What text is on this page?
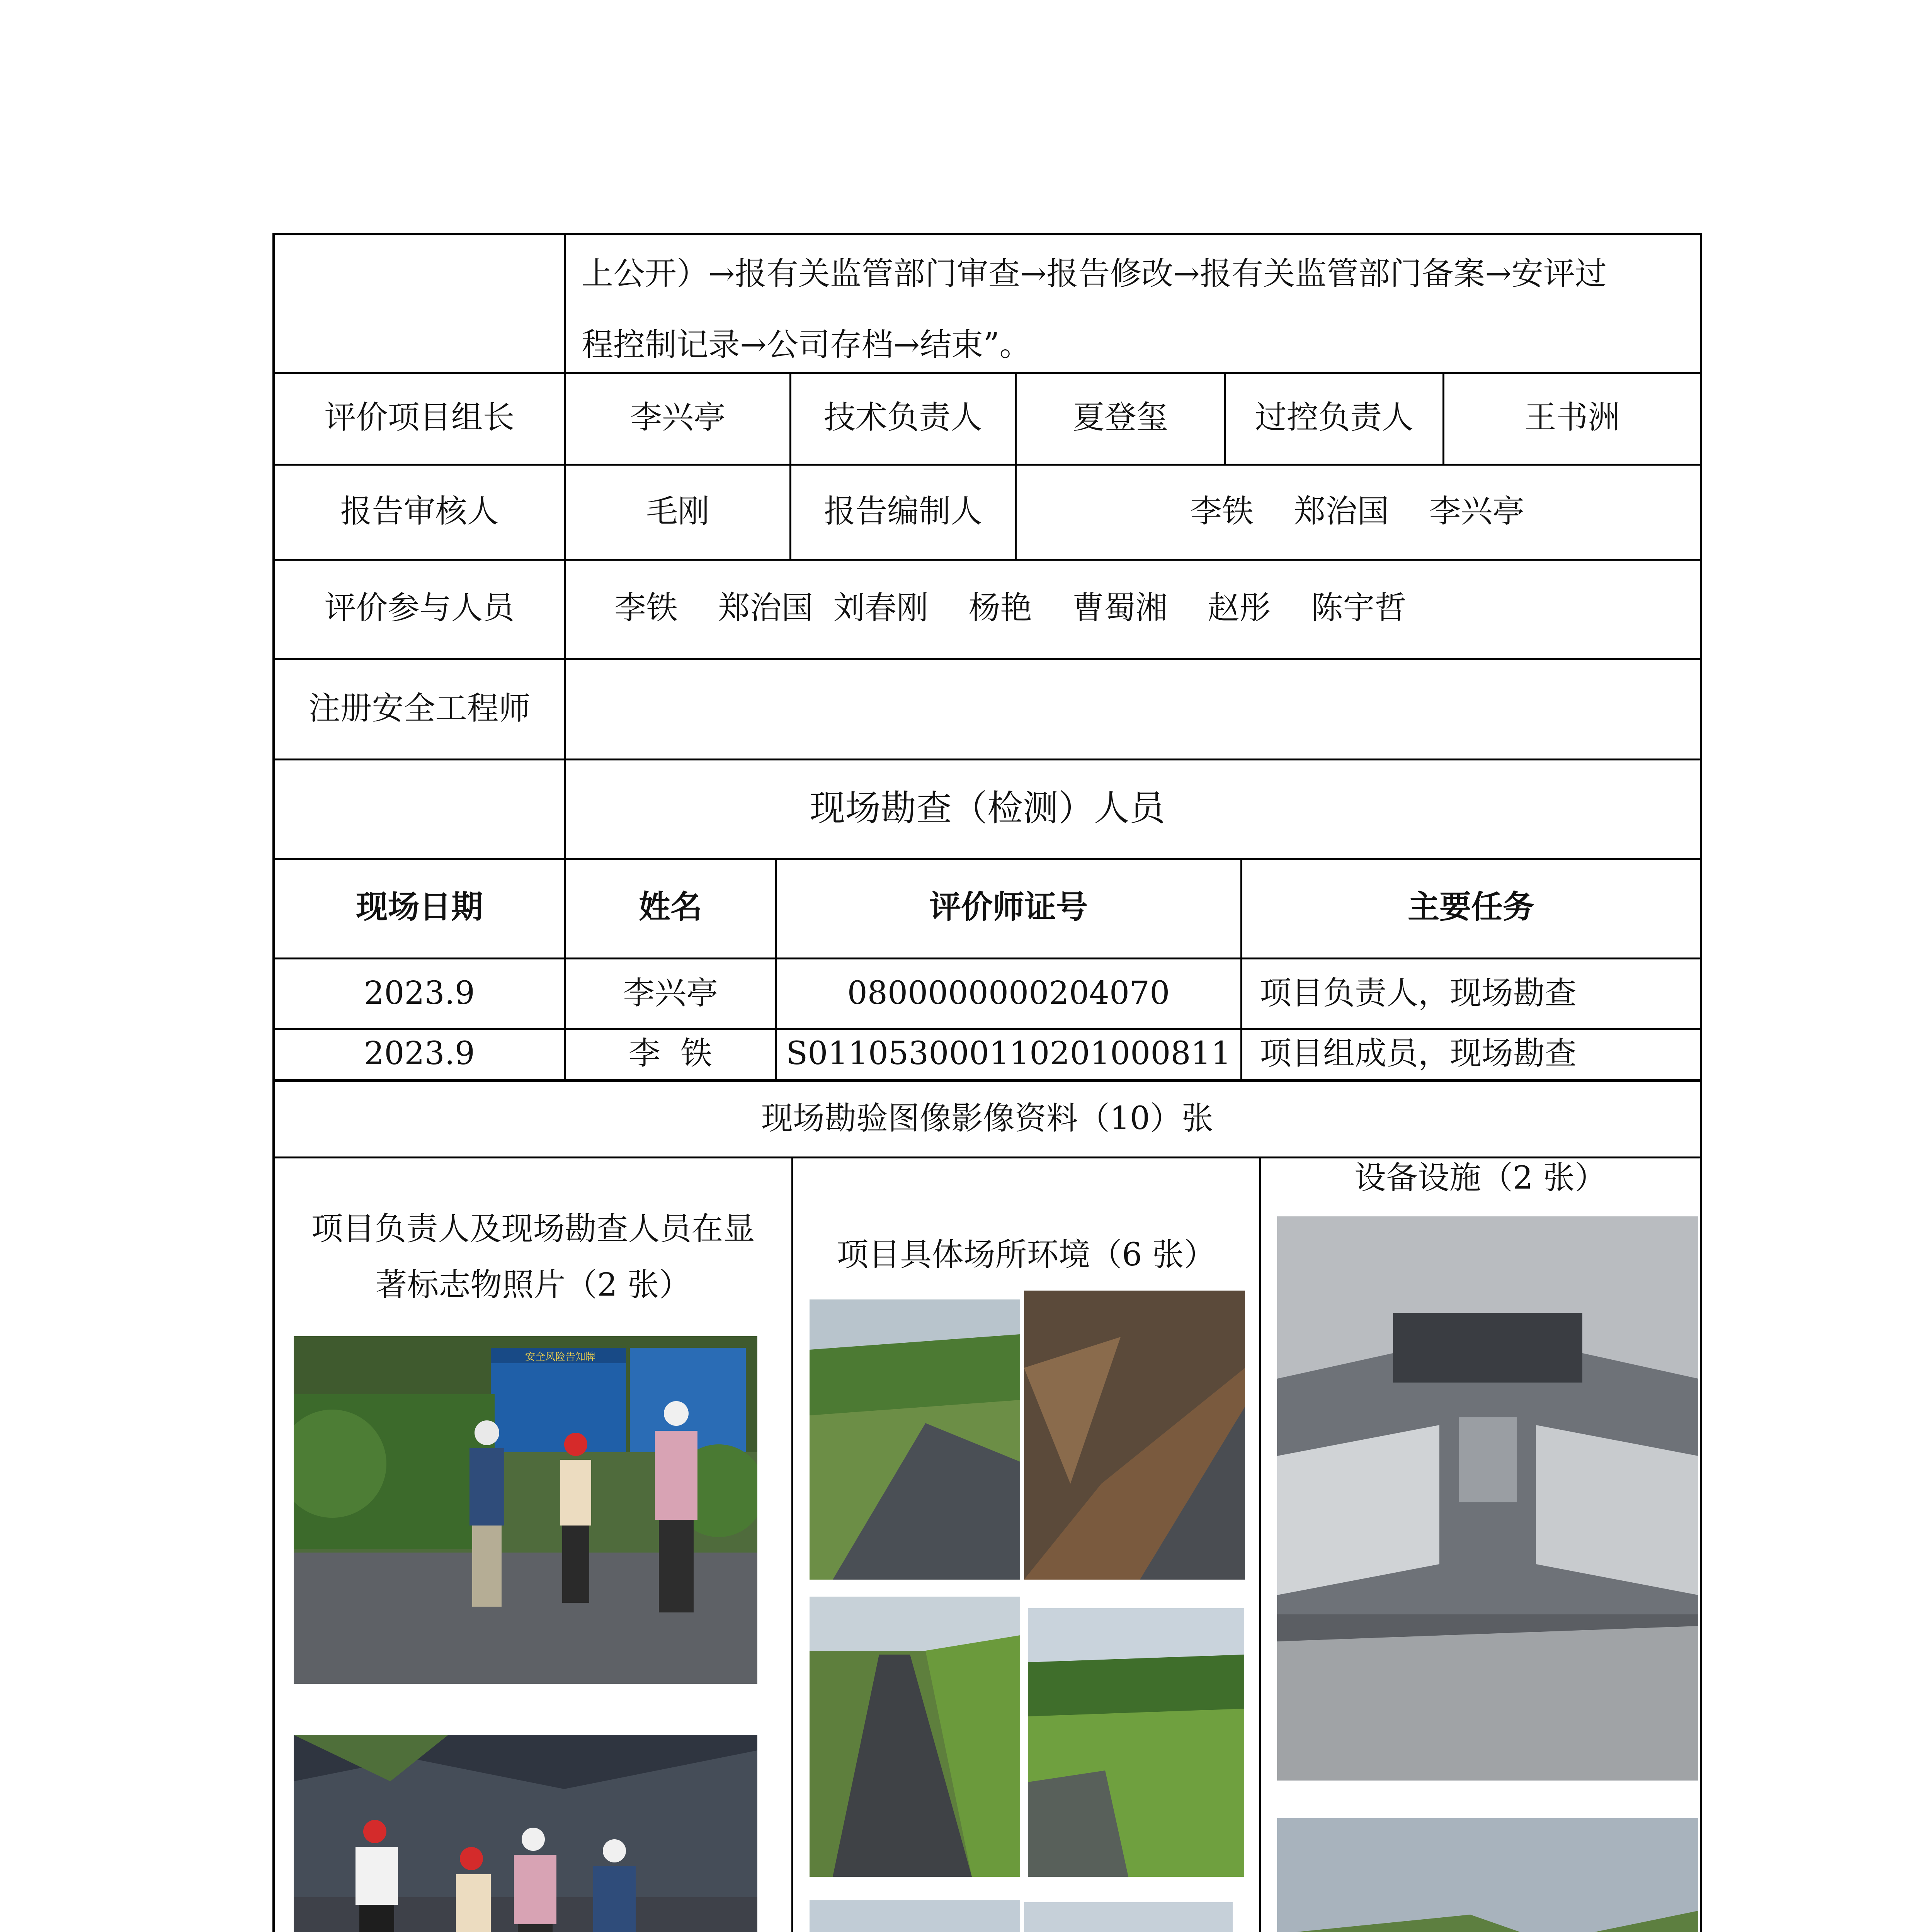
上公开）→报有关监管部门审查→报告修改→报有关监管部门备案→安评过
程控制记录→公司存档→结束”。
评价项目组长	李兴亭	技术负责人	夏登玺	过控负责人	王书洲
报告审核人	毛刚	报告编制人	李铁    郑治国    李兴亭
评价参与人员	李铁    郑治国  刘春刚    杨艳    曹蜀湘    赵彤    陈宇哲
注册安全工程师
现场勘查（检测）人员
现场日期	姓名	评价师证号	主要任务
2023.9	李兴亭	0800000000204070	项目负责人，现场勘查
2023.9	李  铁	S011053000110201000811 项目组成员，现场勘查
现场勘验图像影像资料（10）张
项目负责人及现场勘查人员在显
著标志物照片（2 张）
项目具体场所环境（6 张）
设备设施（2 张）
安全风险告知牌
